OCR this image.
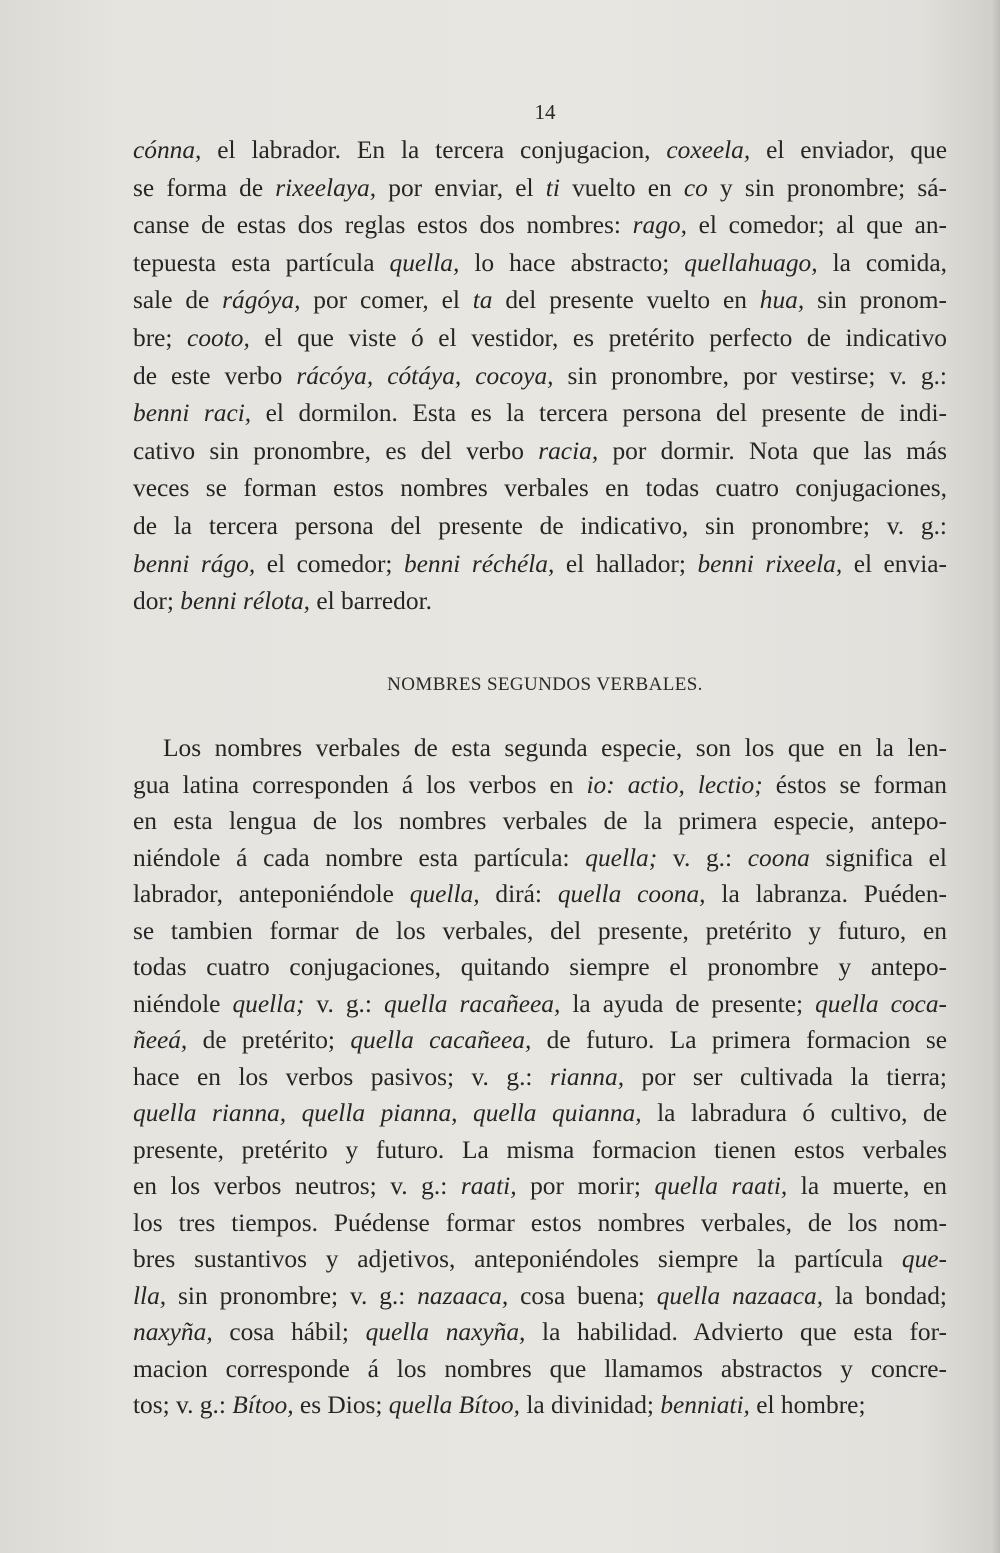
14
cónna, el labrador. En la tercera conjugacion, coxeela, el enviador, que
se forma de rixeelaya, por enviar, el ti vuelto en co y sin pronombre; sá-
canse de estas dos reglas estos dos nombres: rago, el comedor; al que an-
tepuesta esta partícula quella, lo hace abstracto; quellahuago, la comida,
sale de rágóya, por comer, el ta del presente vuelto en hua, sin pronom-
bre; cooto, el que viste ó el vestidor, es pretérito perfecto de indicativo
de este verbo rácóya, cótáya, cocoya, sin pronombre, por vestirse; v. g.:
benni raci, el dormilon. Esta es la tercera persona del presente de indi-
cativo sin pronombre, es del verbo racia, por dormir. Nota que las más
veces se forman estos nombres verbales en todas cuatro conjugaciones,
de la tercera persona del presente de indicativo, sin pronombre; v. g.:
benni rágo, el comedor; benni réchéla, el hallador; benni rixeela, el envia-
dor; benni rélota, el barredor.
NOMBRES SEGUNDOS VERBALES.
Los nombres verbales de esta segunda especie, son los que en la len-
gua latina corresponden á los verbos en io: actio, lectio; éstos se forman
en esta lengua de los nombres verbales de la primera especie, antepo-
niéndole á cada nombre esta partícula: quella; v. g.: coona significa el
labrador, anteponiéndole quella, dirá: quella coona, la labranza. Puéden-
se tambien formar de los verbales, del presente, pretérito y futuro, en
todas cuatro conjugaciones, quitando siempre el pronombre y antepo-
niéndole quella; v. g.: quella racañeea, la ayuda de presente; quella coca-
ñeeá, de pretérito; quella cacañeea, de futuro. La primera formacion se
hace en los verbos pasivos; v. g.: rianna, por ser cultivada la tierra;
quella rianna, quella pianna, quella quianna, la labradura ó cultivo, de
presente, pretérito y futuro. La misma formacion tienen estos verbales
en los verbos neutros; v. g.: raati, por morir; quella raati, la muerte, en
los tres tiempos. Puédense formar estos nombres verbales, de los nom-
bres sustantivos y adjetivos, anteponiéndoles siempre la partícula que-
lla, sin pronombre; v. g.: nazaaca, cosa buena; quella nazaaca, la bondad;
naxyña, cosa hábil; quella naxyña, la habilidad. Advierto que esta for-
macion corresponde á los nombres que llamamos abstractos y concre-
tos; v. g.: Bítoo, es Dios; quella Bítoo, la divinidad; benniati, el hombre;
